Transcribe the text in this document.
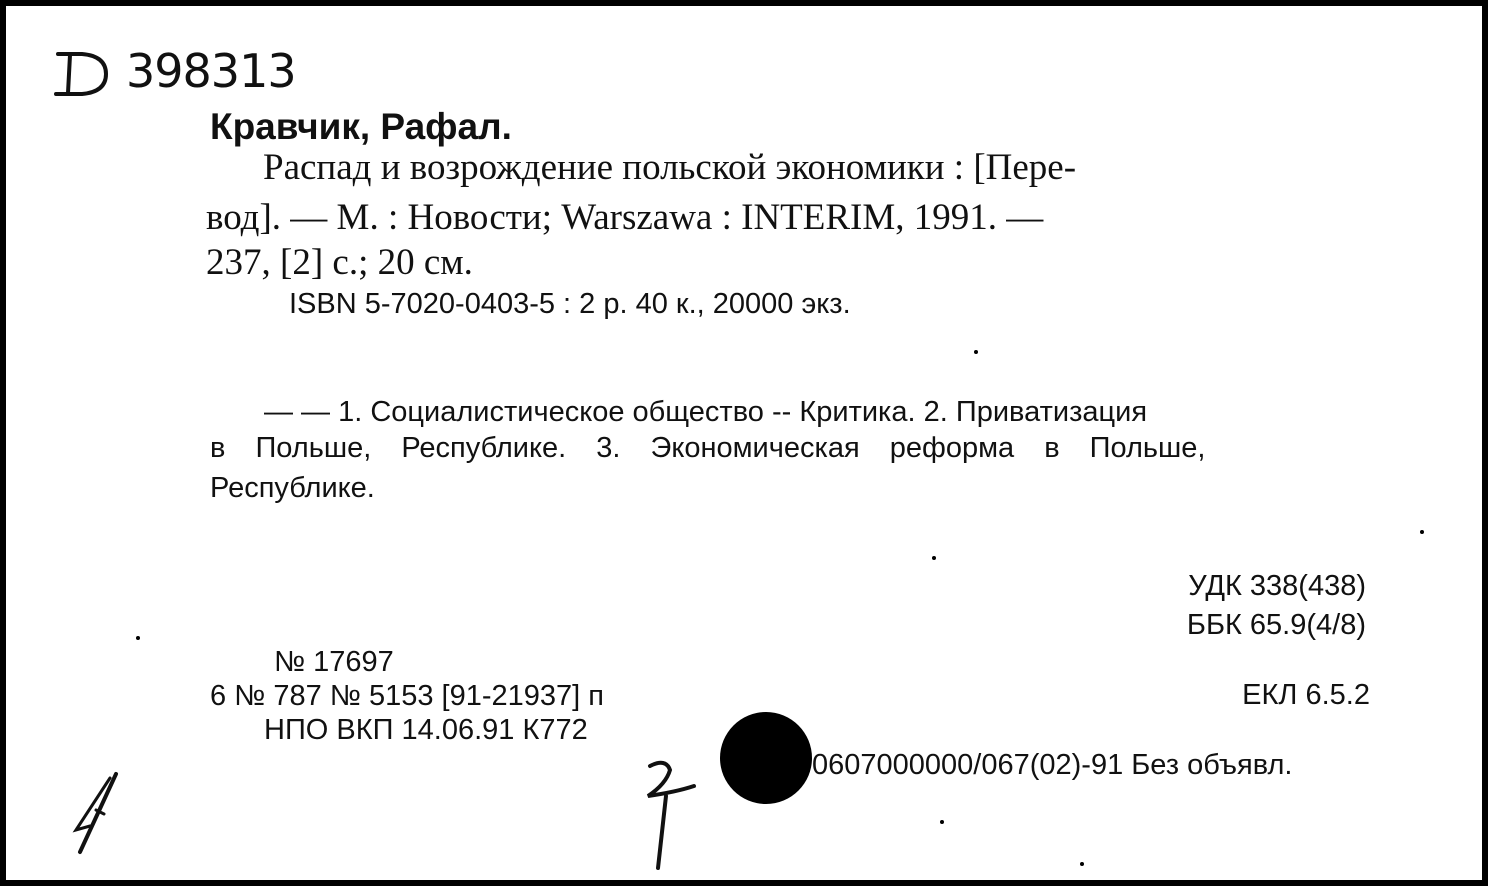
398313
Кравчик, Рафал.
Распад и возрождение польской экономики : [Пере-
вод]. — М. : Новости; Warszawa : INTERIM, 1991. —
237, [2] с.; 20 см.
ISBN 5-7020-0403-5 : 2 р. 40 к., 20000 экз.
— — 1. Социалистическое общество -- Критика. 2. Приватизация
в Польше, Республике. 3. Экономическая реформа в Польше,
Республике.
УДК 338(438)
ББК 65.9(4/8)
ЕКЛ 6.5.2
№ 17697
6 № 787 № 5153 [91-21937] п
НПО ВКП 14.06.91 К772
0607000000/067(02)-91 Без объявл.
